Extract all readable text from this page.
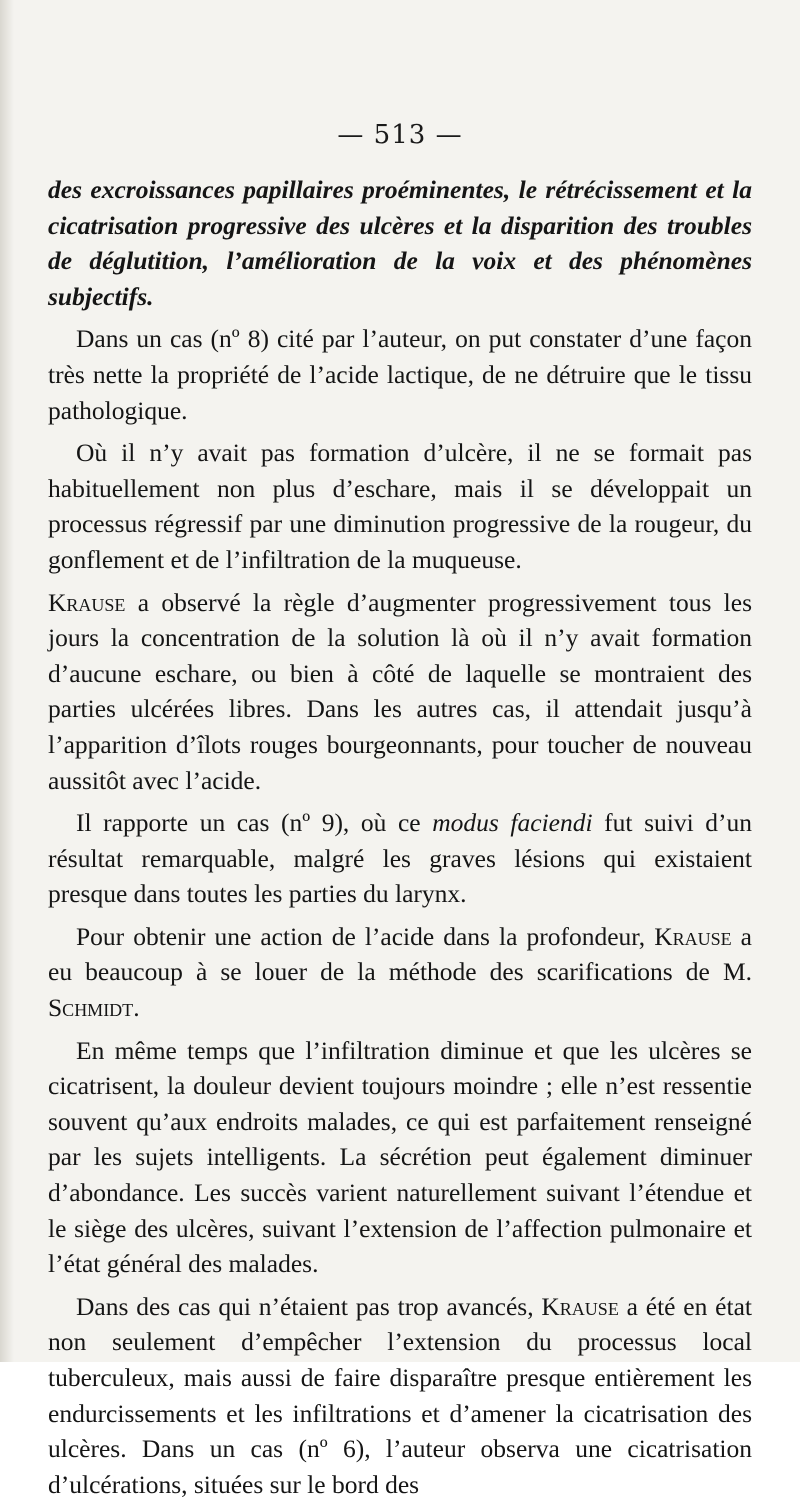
— 513 —

des excroissances papillaires proéminentes, le rétrécissement et la cicatrisation progressive des ulcères et la disparition des troubles de déglutition, l’amélioration de la voix et des phénomènes subjectifs.

Dans un cas (nº 8) cité par l’auteur, on put constater d’une façon très nette la propriété de l’acide lactique, de ne détruire que le tissu pathologique.

Où il n’y avait pas formation d’ulcère, il ne se formait pas habituellement non plus d’eschare, mais il se développait un processus régressif par une diminution progressive de la rougeur, du gonflement et de l’infiltration de la muqueuse.

Krause a observé la règle d’augmenter progressivement tous les jours la concentration de la solution là où il n’y avait formation d’aucune eschare, ou bien à côté de laquelle se montraient des parties ulcérées libres. Dans les autres cas, il attendait jusqu’à l’apparition d’îlots rouges bourgeonnants, pour toucher de nouveau aussitôt avec l’acide.

Il rapporte un cas (nº 9), où ce modus faciendi fut suivi d’un résultat remarquable, malgré les graves lésions qui existaient presque dans toutes les parties du larynx.

Pour obtenir une action de l’acide dans la profondeur, Krause a eu beaucoup à se louer de la méthode des scarifications de M. Schmidt.

En même temps que l’infiltration diminue et que les ulcères se cicatrisent, la douleur devient toujours moindre ; elle n’est ressentie souvent qu’aux endroits malades, ce qui est parfaitement renseigné par les sujets intelligents. La sécrétion peut également diminuer d’abondance. Les succès varient naturellement suivant l’étendue et le siège des ulcères, suivant l’extension de l’affection pulmonaire et l’état général des malades.

Dans des cas qui n’étaient pas trop avancés, Krause a été en état non seulement d’empêcher l’extension du processus local tuberculeux, mais aussi de faire disparaître presque entièrement les endurcissements et les infiltrations et d’amener la cicatrisation des ulcères. Dans un cas (nº 6), l’auteur observa une cicatrisation d’ulcérations, situées sur le bord des
